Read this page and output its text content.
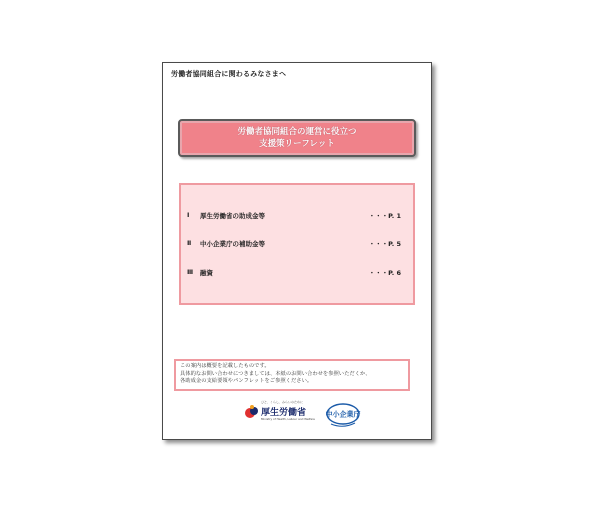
労働者協同組合に関わるみなさまへ
労働者協同組合の運営に役立つ
支援策リーフレット
Ⅰ 厚生労働省の助成金等	・・・P. 1
Ⅱ 中小企業庁の補助金等	・・・P. 5
Ⅲ 融資	・・・P. 6
この案内は概要を記載したものです。
具体的なお問い合わせにつきましては、本紙のお問い合わせを参照いただくか、
各助成金の支給要領やパンフレットをご参照ください。
ひと、くらし、みらいのために
厚生労働省
Ministry of Health, Labour and Welfare
中小企業庁
